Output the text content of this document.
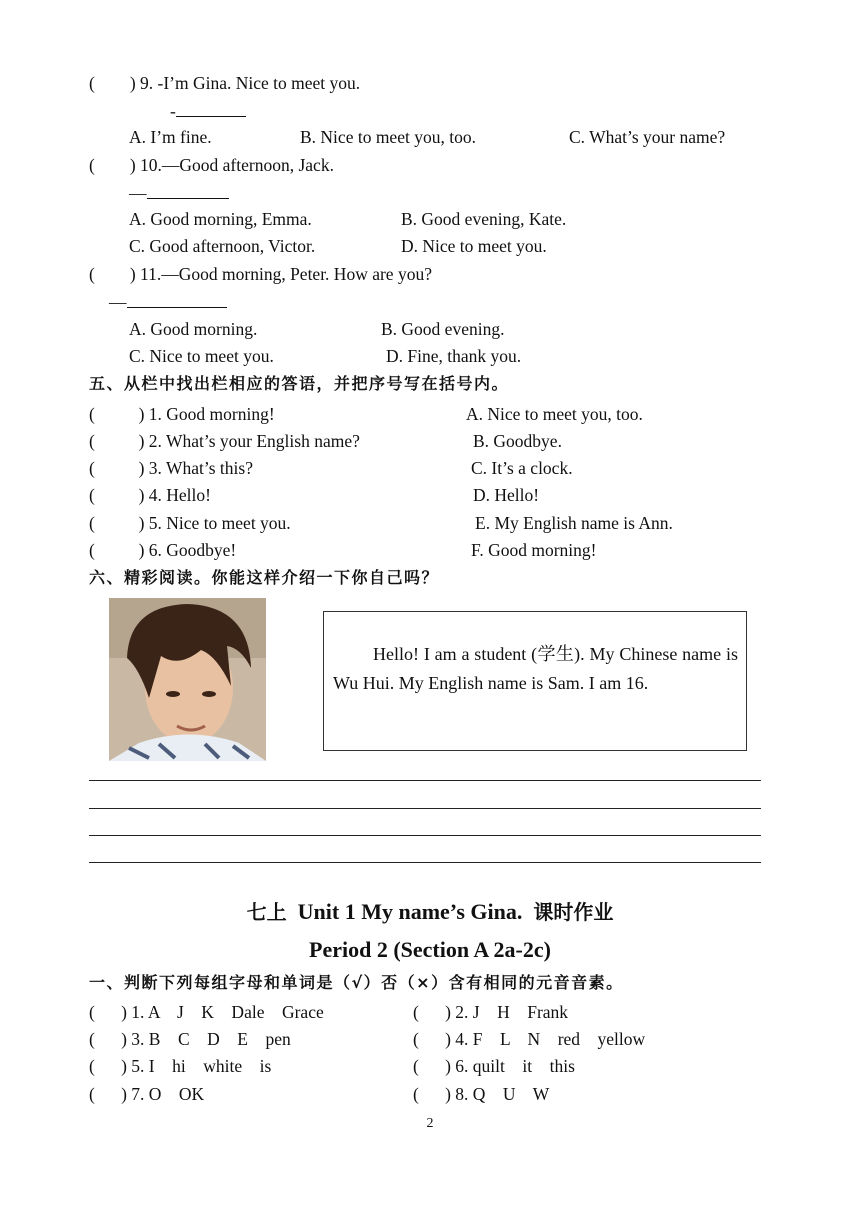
(        ) 9. -I’m Gina. Nice to meet you.
-
A. I’m fine.	B. Nice to meet you, too.	C. What’s your name?
(        ) 10.—Good afternoon, Jack.
—
A. Good morning, Emma.	B. Good evening, Kate.
C. Good afternoon, Victor.	D. Nice to meet you.
(        ) 11.—Good morning, Peter. How are you?
—
A. Good morning.	B. Good evening.
C. Nice to meet you.	D. Fine, thank you.
五、从栏中找出栏相应的答语，并把序号写在括号内。
(          ) 1. Good morning!	A. Nice to meet you, too.
(          ) 2. What’s your English name?	B. Goodbye.
(          ) 3. What’s this?	C. It’s a clock.
(          ) 4. Hello!	D. Hello!
(          ) 5. Nice to meet you.	E. My English name is Ann.
(          ) 6. Goodbye!	F. Good morning!
六、精彩阅读。你能这样介绍一下你自己吗？

Hello! I am a student (学生). My Chinese name is Wu Hui. My English name is Sam. I am 16.

七上 Unit 1 My name’s Gina. 课时作业
Period 2 (Section A 2a-2c)
一、判断下列每组字母和单词是（√）否（×）含有相同的元音音素。
(      ) 1. A    J    K    Dale    Grace	(      ) 2. J    H    Frank
(      ) 3. B    C    D    E    pen	(      ) 4. F    L    N    red    yellow
(      ) 5. I    hi    white    is	(      ) 6. quilt    it    this
(      ) 7. O    OK	(      ) 8. Q    U    W
2
